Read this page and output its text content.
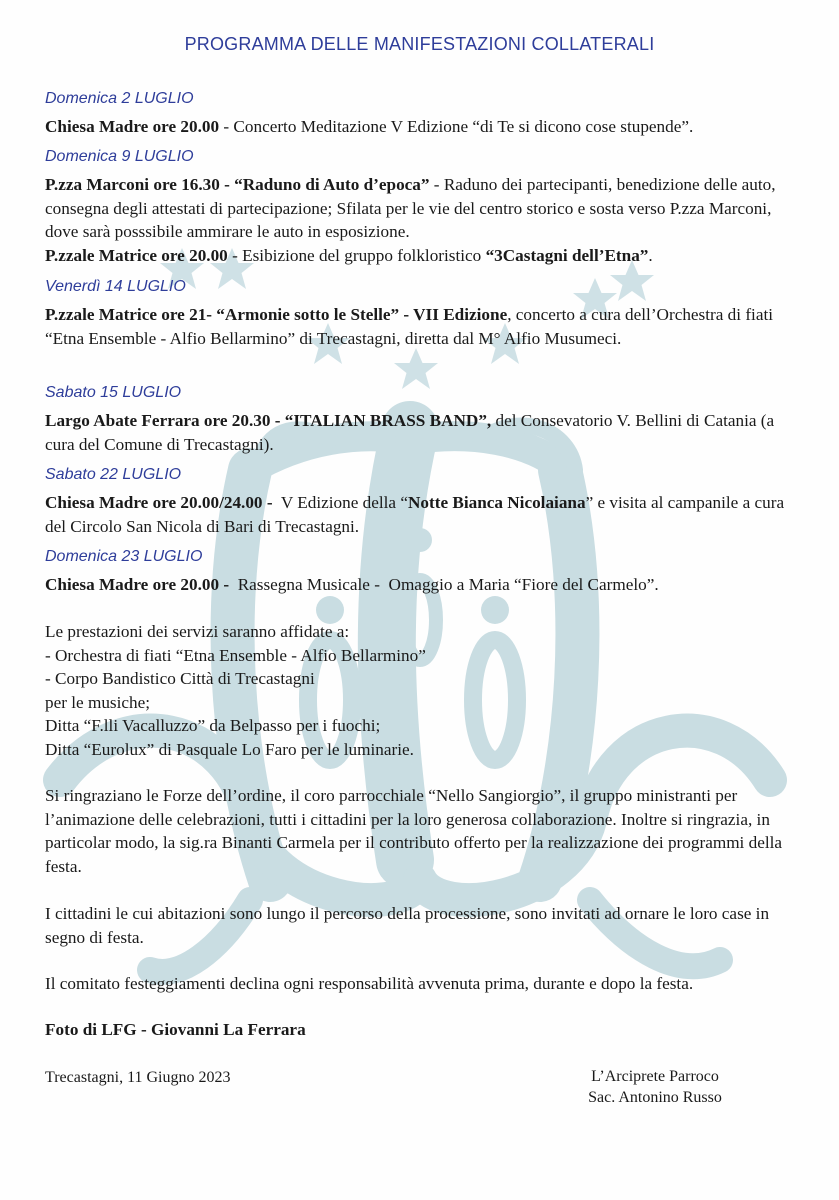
PROGRAMMA DELLE MANIFESTAZIONI COLLATERALI
Domenica 2 LUGLIO
Chiesa Madre ore 20.00 - Concerto Meditazione V Edizione “di Te si dicono cose stupende”.
Domenica 9 LUGLIO
P.zza Marconi ore 16.30 - “Raduno di Auto d’epoca” - Raduno dei partecipanti, benedizione delle auto, consegna degli attestati di partecipazione; Sfilata per le vie del centro storico e sosta verso P.zza Marconi, dove sarà posssibile ammirare le auto in esposizione.
P.zzale Matrice ore 20.00 - Esibizione del gruppo folkloristico “3Castagni dell’Etna”.
Venerdì 14 LUGLIO
P.zzale Matrice ore 21- “Armonie sotto le Stelle” - VII Edizione, concerto a cura dell’Orchestra di fiati “Etna Ensemble - Alfio Bellarmino” di Trecastagni, diretta dal M° Alfio Musumeci.
Sabato 15 LUGLIO
Largo Abate Ferrara ore 20.30 - “ITALIAN BRASS BAND”, del Consevatorio V. Bellini di Catania (a cura del Comune di Trecastagni).
Sabato 22 LUGLIO
Chiesa Madre ore 20.00/24.00 - V Edizione della “Notte Bianca Nicolaiana” e visita al campanile a cura del Circolo San Nicola di Bari di Trecastagni.
Domenica 23 LUGLIO
Chiesa Madre ore 20.00 - Rassegna Musicale -  Omaggio a Maria “Fiore del Carmelo”.
Le prestazioni dei servizi saranno affidate a:
- Orchestra di fiati “Etna Ensemble - Alfio Bellarmino”
- Corpo Bandistico Città di Trecastagni
per le musiche;
Ditta “F.lli Vacalluzzo” da Belpasso per i fuochi;
Ditta “Eurolux” di Pasquale Lo Faro per le luminarie.
Si ringraziano le Forze dell’ordine, il coro parrocchiale “Nello Sangiorgio”, il gruppo ministranti per l’animazione delle celebrazioni, tutti i cittadini per la loro generosa collaborazione. Inoltre si ringrazia, in particolar modo, la sig.ra Binanti Carmela per il contributo offerto per la realizzazione dei programmi della festa.
I cittadini le cui abitazioni sono lungo il percorso della processione, sono invitati ad ornare le loro case in segno di festa.
Il comitato festeggiamenti declina ogni responsabilità avvenuta prima, durante e dopo la festa.
Foto di LFG - Giovanni La Ferrara
Trecastagni, 11 Giugno 2023	L’Arciprete Parroco
Sac. Antonino Russo
